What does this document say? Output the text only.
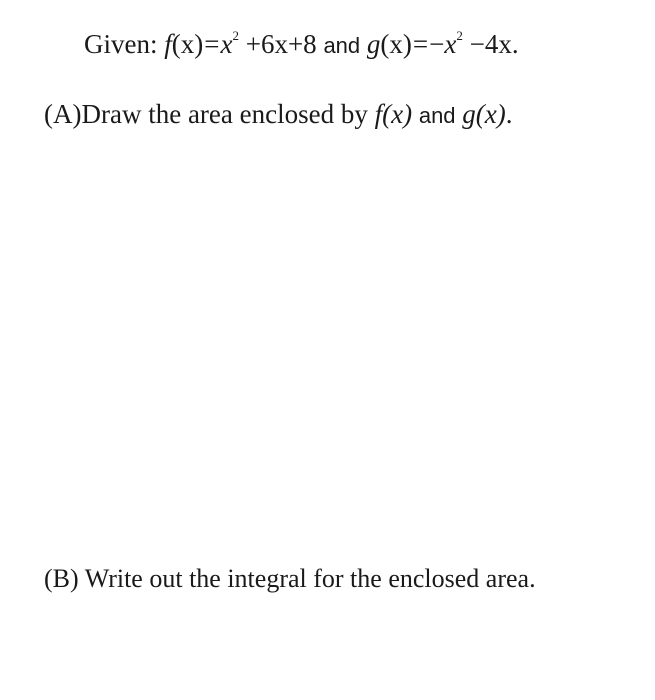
Given: $f(x)=x^2 +6x+8$ and $g(x)=-x^2 -4x$.
(A)Draw the area enclosed by f(x) and g(x).
(B) Write out the integral for the enclosed area.
